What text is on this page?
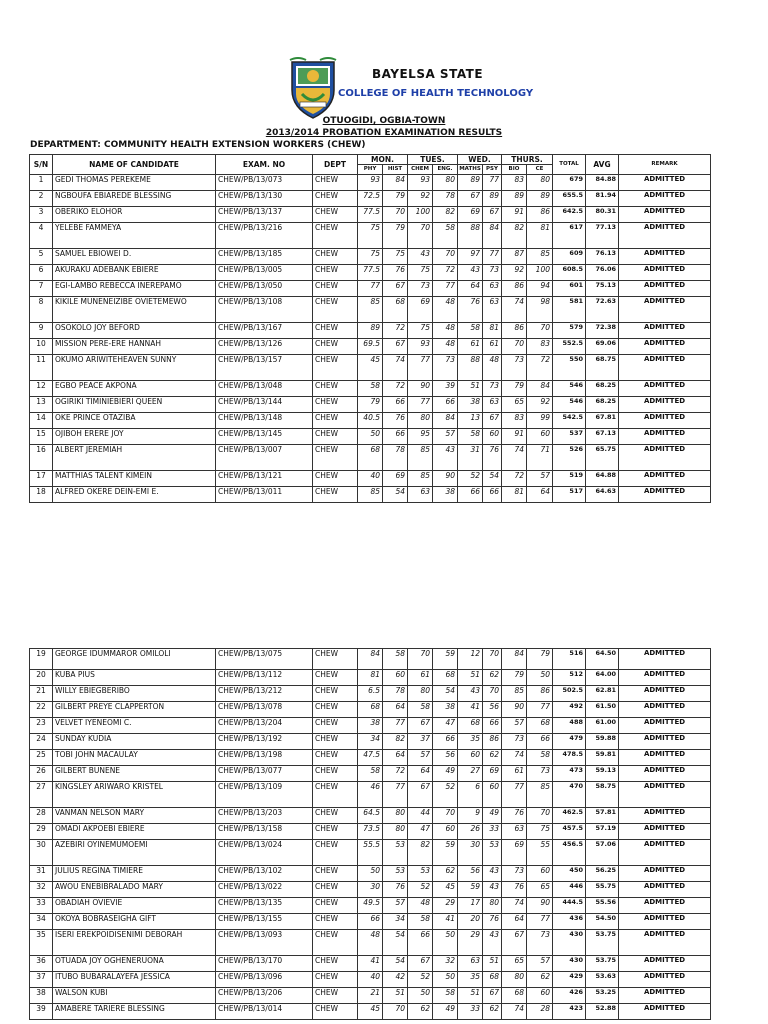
BAYELSA STATE
COLLEGE OF HEALTH TECHNOLOGY
OTUOGIDI, OGBIA-TOWN
2013/2014 PROBATION EXAMINATION RESULTS
DEPARTMENT: COMMUNITY HEALTH EXTENSION WORKERS (CHEW)
S/N	NAME OF CANDIDATE	EXAM. NO	DEPT	MON.		TUES.		WED.		THURS.		TOTAL	AVG	REMARK
				PHY	HIST	CHEM	ENG.	MATHS	PSY	BIO	CE			
1	GEDI THOMAS PEREKEME	CHEW/PB/13/073	CHEW	93	84	93	80	89	77	83	80	679	84.88	ADMITTED
2	NGBOUFA EBIAREDE BLESSING	CHEW/PB/13/130	CHEW	72.5	79	92	78	67	89	89	89	655.5	81.94	ADMITTED
3	OBERIKO ELOHOR	CHEW/PB/13/137	CHEW	77.5	70	100	82	69	67	91	86	642.5	80.31	ADMITTED
4	YELEBE FAMMEYA	CHEW/PB/13/216	CHEW	75	79	70	58	88	84	82	81	617	77.13	ADMITTED
5	SAMUEL EBIOWEI D.	CHEW/PB/13/185	CHEW	75	75	43	70	97	77	87	85	609	76.13	ADMITTED
6	AKURAKU ADEBANK EBIERE	CHEW/PB/13/005	CHEW	77.5	76	75	72	43	73	92	100	608.5	76.06	ADMITTED
7	EGI-LAMBO REBECCA INEREPAMO	CHEW/PB/13/050	CHEW	77	67	73	77	64	63	86	94	601	75.13	ADMITTED
8	KIKILE MUNENEIZIBE OVIETEMEWO	CHEW/PB/13/108	CHEW	85	68	69	48	76	63	74	98	581	72.63	ADMITTED
9	OSOKOLO JOY BEFORD	CHEW/PB/13/167	CHEW	89	72	75	48	58	81	86	70	579	72.38	ADMITTED
10	MISSION PERE-ERE HANNAH	CHEW/PB/13/126	CHEW	69.5	67	93	48	61	61	70	83	552.5	69.06	ADMITTED
11	OKUMO ARIWITEHEAVEN SUNNY	CHEW/PB/13/157	CHEW	45	74	77	73	88	48	73	72	550	68.75	ADMITTED
12	EGBO PEACE AKPONA	CHEW/PB/13/048	CHEW	58	72	90	39	51	73	79	84	546	68.25	ADMITTED
13	OGIRIKI TIMINIEBIERI QUEEN	CHEW/PB/13/144	CHEW	79	66	77	66	38	63	65	92	546	68.25	ADMITTED
14	OKE PRINCE OTAZIBA	CHEW/PB/13/148	CHEW	40.5	76	80	84	13	67	83	99	542.5	67.81	ADMITTED
15	OJIBOH ERERE JOY	CHEW/PB/13/145	CHEW	50	66	95	57	58	60	91	60	537	67.13	ADMITTED
16	ALBERT JEREMIAH	CHEW/PB/13/007	CHEW	68	78	85	43	31	76	74	71	526	65.75	ADMITTED
17	MATTHIAS TALENT KIMEIN	CHEW/PB/13/121	CHEW	40	69	85	90	52	54	72	57	519	64.88	ADMITTED
18	ALFRED OKERE DEIN-EMI E.	CHEW/PB/13/011	CHEW	85	54	63	38	66	66	81	64	517	64.63	ADMITTED
19	GEORGE IDUMMAROR OMILOLI	CHEW/PB/13/075	CHEW	84	58	70	59	12	70	84	79	516	64.50	ADMITTED
20	KUBA PIUS	CHEW/PB/13/112	CHEW	81	60	61	68	51	62	79	50	512	64.00	ADMITTED
21	WILLY EBIEGBERIBO	CHEW/PB/13/212	CHEW	6.5	78	80	54	43	70	85	86	502.5	62.81	ADMITTED
22	GILBERT PREYE CLAPPERTON	CHEW/PB/13/078	CHEW	68	64	58	38	41	56	90	77	492	61.50	ADMITTED
23	VELVET IYENEOMI C.	CHEW/PB/13/204	CHEW	38	77	67	47	68	66	57	68	488	61.00	ADMITTED
24	SUNDAY KUDIA	CHEW/PB/13/192	CHEW	34	82	37	66	35	86	73	66	479	59.88	ADMITTED
25	TOBI JOHN MACAULAY	CHEW/PB/13/198	CHEW	47.5	64	57	56	60	62	74	58	478.5	59.81	ADMITTED
26	GILBERT BUNENE	CHEW/PB/13/077	CHEW	58	72	64	49	27	69	61	73	473	59.13	ADMITTED
27	KINGSLEY ARIWARO KRISTEL	CHEW/PB/13/109	CHEW	46	77	67	52	6	60	77	85	470	58.75	ADMITTED
28	VANMAN NELSON MARY	CHEW/PB/13/203	CHEW	64.5	80	44	70	9	49	76	70	462.5	57.81	ADMITTED
29	OMADI AKPOEBI EBIERE	CHEW/PB/13/158	CHEW	73.5	80	47	60	26	33	63	75	457.5	57.19	ADMITTED
30	AZEBIRI OYINEMUMOEMI	CHEW/PB/13/024	CHEW	55.5	53	82	59	30	53	69	55	456.5	57.06	ADMITTED
31	JULIUS REGINA TIMIERE	CHEW/PB/13/102	CHEW	50	53	53	62	56	43	73	60	450	56.25	ADMITTED
32	AWOU ENEBIBRALADO MARY	CHEW/PB/13/022	CHEW	30	76	52	45	59	43	76	65	446	55.75	ADMITTED
33	OBADIAH OVIEVIE	CHEW/PB/13/135	CHEW	49.5	57	48	29	17	80	74	90	444.5	55.56	ADMITTED
34	OKOYA BOBRASEIGHA GIFT	CHEW/PB/13/155	CHEW	66	34	58	41	20	76	64	77	436	54.50	ADMITTED
35	ISERI EREKPOIDISENIMI DEBORAH	CHEW/PB/13/093	CHEW	48	54	66	50	29	43	67	73	430	53.75	ADMITTED
36	OTUADA JOY OGHENERUONA	CHEW/PB/13/170	CHEW	41	54	67	32	63	51	65	57	430	53.75	ADMITTED
37	ITUBO BUBARALAYEFA JESSICA	CHEW/PB/13/096	CHEW	40	42	52	50	35	68	80	62	429	53.63	ADMITTED
38	WALSON KUBI	CHEW/PB/13/206	CHEW	21	51	50	58	51	67	68	60	426	53.25	ADMITTED
39	AMABERE TARIERE BLESSING	CHEW/PB/13/014	CHEW	45	70	62	49	33	62	74	28	423	52.88	ADMITTED
